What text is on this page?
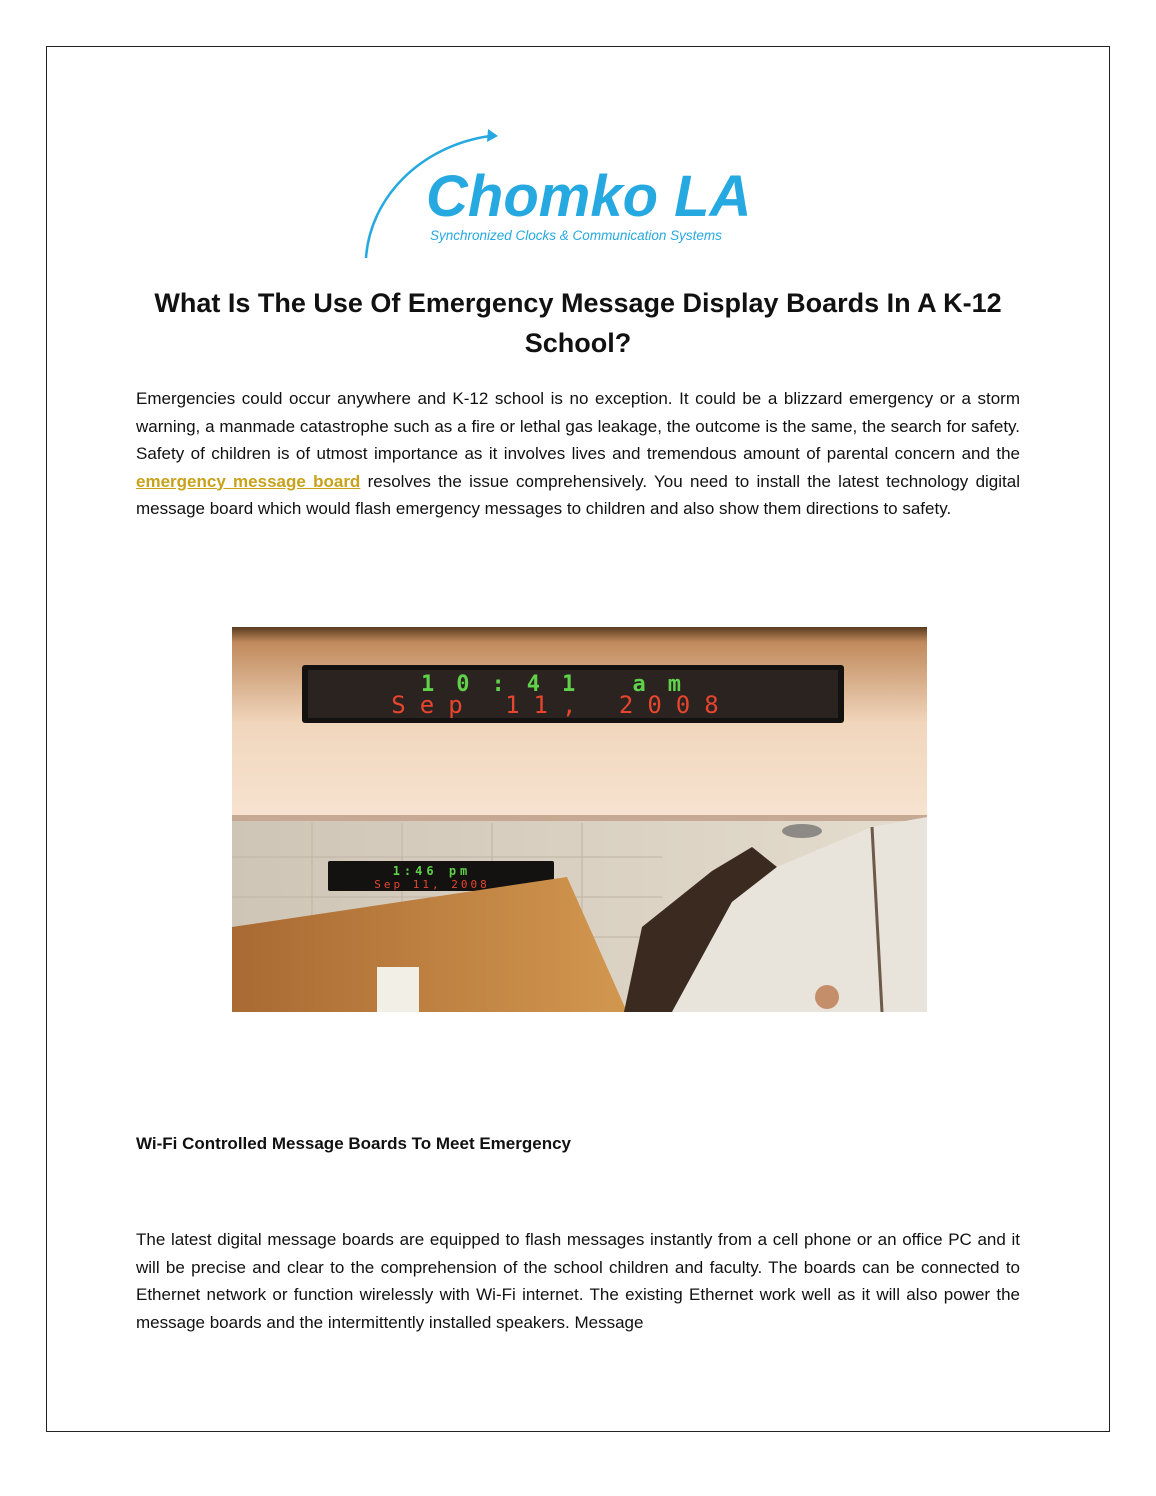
Chomko LA
Synchronized Clocks & Communication Systems
What Is The Use Of Emergency Message Display Boards In A K-12 School?

Emergencies could occur anywhere and K-12 school is no exception. It could be a blizzard emergency or a storm warning, a manmade catastrophe such as a fire or lethal gas leakage, the outcome is the same, the search for safety. Safety of children is of utmost importance as it involves lives and tremendous amount of parental concern and the emergency message board resolves the issue comprehensively. You need to install the latest technology digital message board which would flash emergency messages to children and also show them directions to safety.

10:41 am
Sep 11, 2008
1:46 pm
Sep 11, 2008
Wi-Fi Controlled Message Boards To Meet Emergency

The latest digital message boards are equipped to flash messages instantly from a cell phone or an office PC and it will be precise and clear to the comprehension of the school children and faculty. The boards can be connected to Ethernet network or function wirelessly with Wi-Fi internet. The existing Ethernet work well as it will also power the message boards and the intermittently installed speakers. Message
